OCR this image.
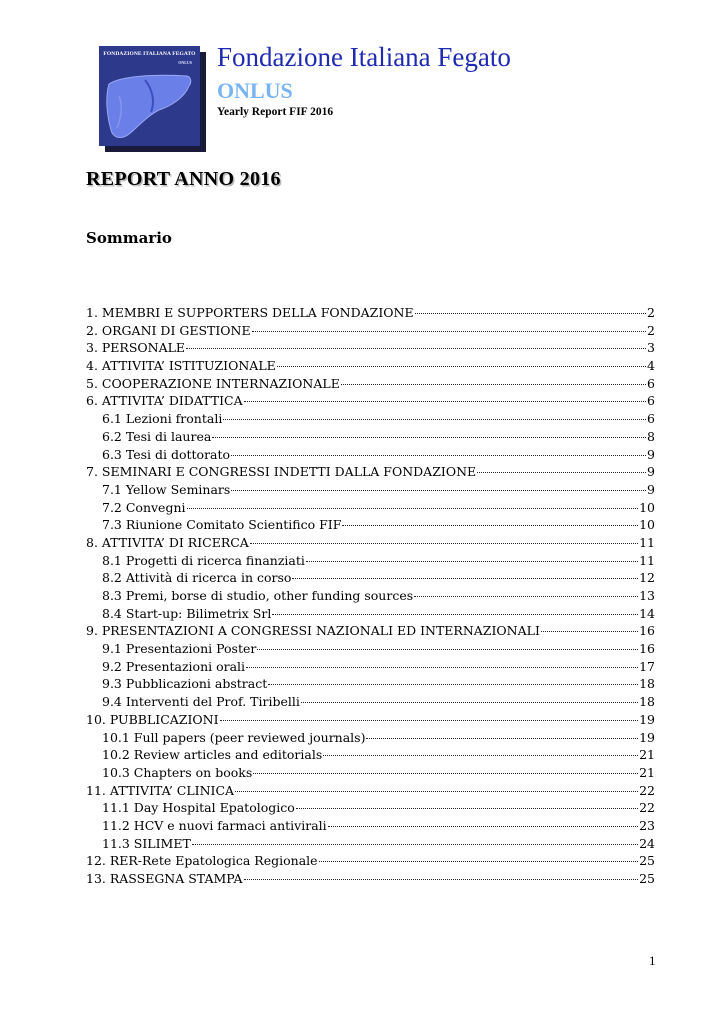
FONDAZIONE ITALIANA FEGATO
ONLUS Fondazione Italiana Fegato
ONLUS
Yearly Report FIF 2016
REPORT ANNO 2016
Sommario
1. MEMBRI E SUPPORTERS DELLA FONDAZIONE	2
2. ORGANI DI GESTIONE	2
3. PERSONALE	3
4. ATTIVITA’ ISTITUZIONALE	4
5. COOPERAZIONE INTERNAZIONALE	6
6. ATTIVITA’ DIDATTICA	6
6.1 Lezioni frontali	6
6.2 Tesi di laurea	8
6.3 Tesi di dottorato	9
7. SEMINARI E CONGRESSI INDETTI DALLA FONDAZIONE	9
7.1 Yellow Seminars	9
7.2 Convegni	10
7.3 Riunione Comitato Scientifico FIF	10
8. ATTIVITA’ DI RICERCA	11
8.1 Progetti di ricerca finanziati	11
8.2 Attività di ricerca in corso	12
8.3 Premi, borse di studio, other funding sources	13
8.4 Start-up: Bilimetrix Srl	14
9. PRESENTAZIONI A CONGRESSI NAZIONALI ED INTERNAZIONALI	16
9.1 Presentazioni Poster	16
9.2 Presentazioni orali	17
9.3 Pubblicazioni abstract	18
9.4 Interventi del Prof. Tiribelli	18
10. PUBBLICAZIONI	19
10.1 Full papers (peer reviewed journals)	19
10.2 Review articles and editorials	21
10.3 Chapters on books	21
11. ATTIVITA’ CLINICA	22
11.1 Day Hospital Epatologico	22
11.2 HCV e nuovi farmaci antivirali	23
11.3 SILIMET	24
12. RER-Rete Epatologica Regionale	25
13. RASSEGNA STAMPA	25
1
